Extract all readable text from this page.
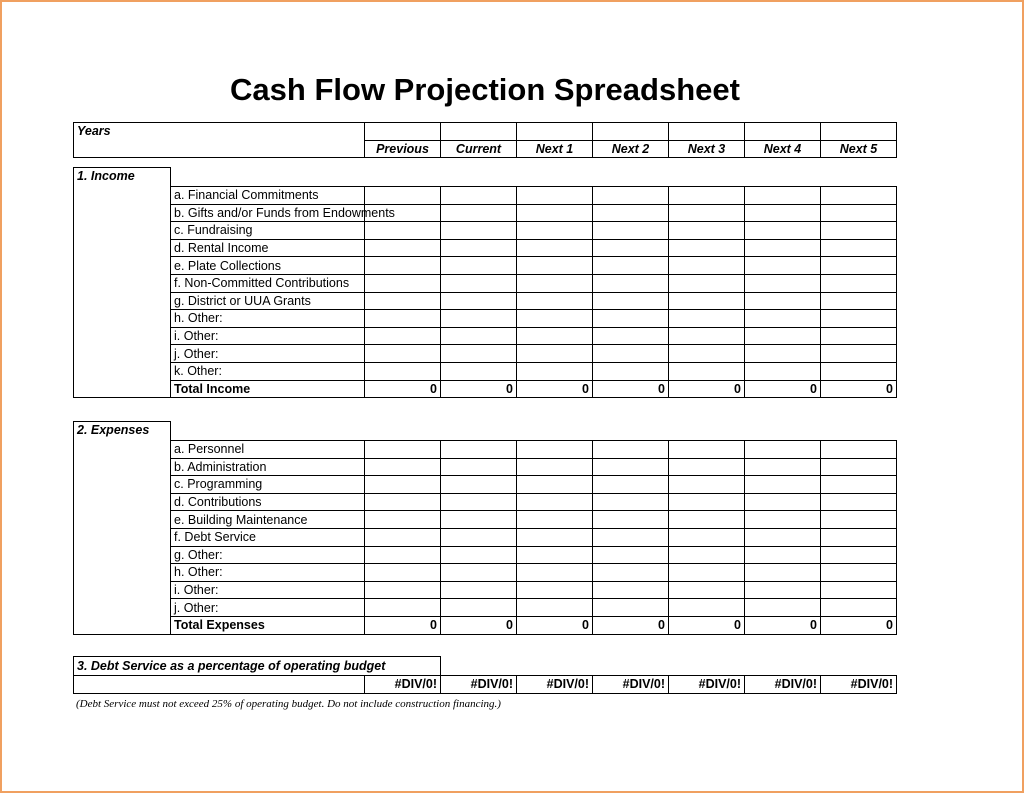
Cash Flow Projection Spreadsheet
Years							
	Previous	Current	Next 1	Next 2	Next 3	Next 4	Next 5
1. Income								
	a. Financial Commitments							
	b. Gifts and/or Funds from Endowments							
	c. Fundraising							
	d. Rental Income							
	e. Plate Collections							
	f. Non-Committed Contributions							
	g. District or UUA Grants							
	h. Other:							
	i. Other:							
	j. Other:							
	k. Other:							
	Total Income	0	0	0	0	0	0	0
2. Expenses								
	a. Personnel							
	b. Administration							
	c. Programming							
	d. Contributions							
	e. Building Maintenance							
	f. Debt Service							
	g. Other:							
	h. Other:							
	i. Other:							
	j. Other:							
	Total Expenses	0	0	0	0	0	0	0
3. Debt Service as a percentage of operating budget							
	#DIV/0!	#DIV/0!	#DIV/0!	#DIV/0!	#DIV/0!	#DIV/0!	#DIV/0!
(Debt Service must not exceed 25% of operating budget. Do not include construction financing.)
